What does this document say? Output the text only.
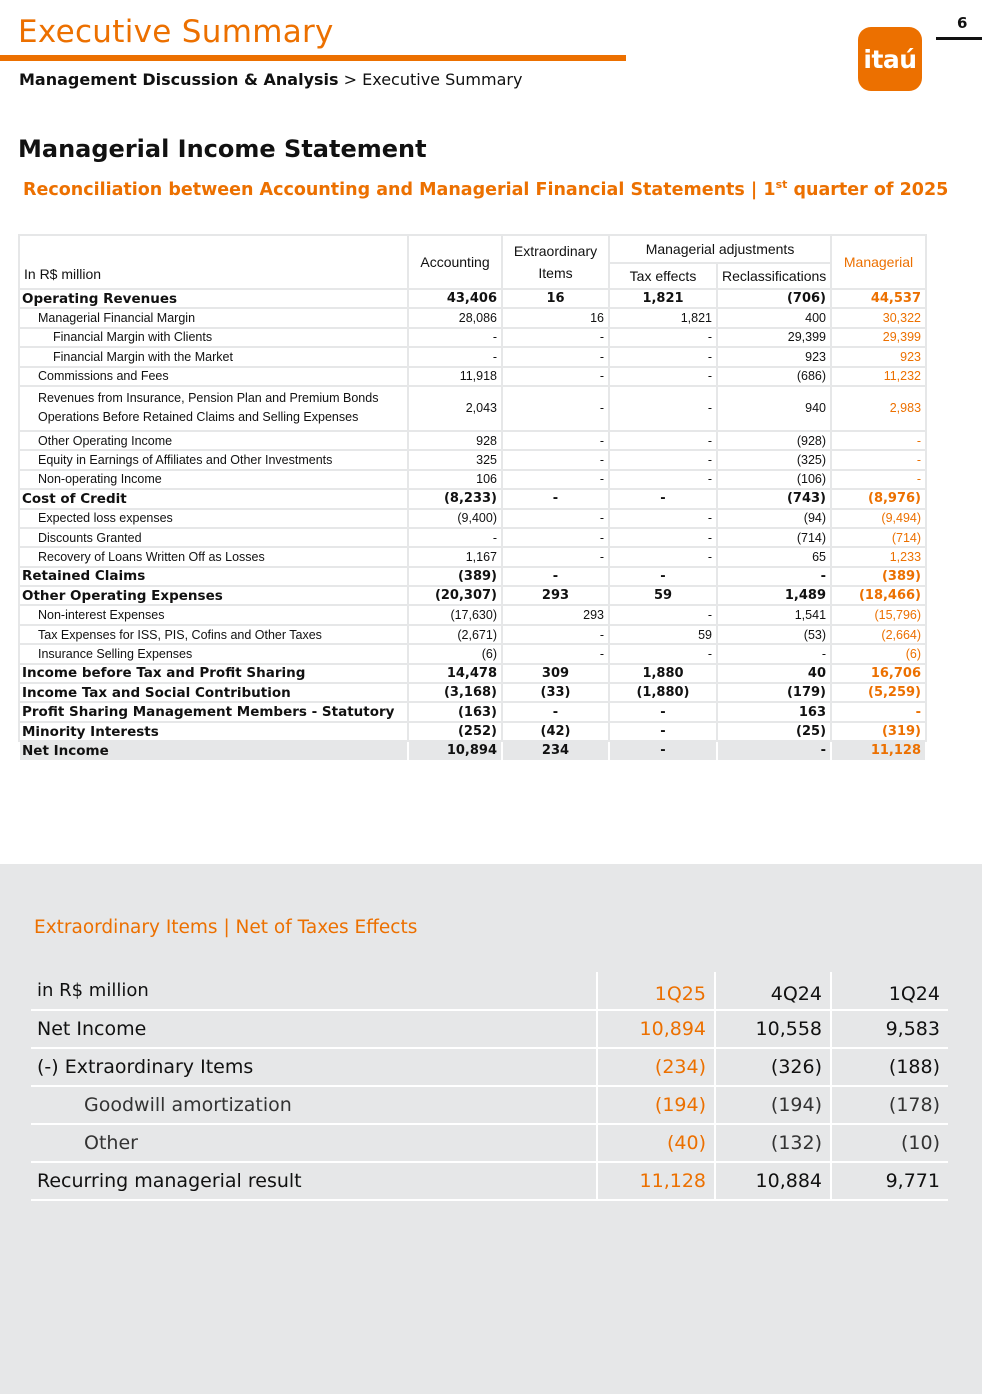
Executive Summary
Management Discussion & Analysis > Executive Summary
6
itaú
Managerial Income Statement
Reconciliation between Accounting and Managerial Financial Statements | 1st quarter of 2025
In R$ million	Accounting	Extraordinary Items	Managerial adjustments		Managerial
			Tax effects	Reclassifications	
Operating Revenues	43,406	16	1,821	(706)	44,537
Managerial Financial Margin	28,086	16	1,821	400	30,322
Financial Margin with Clients	-	-	-	29,399	29,399
Financial Margin with the Market	-	-	-	923	923
Commissions and Fees	11,918	-	-	(686)	11,232

Revenues from Insurance, Pension Plan and Premium Bonds
Operations Before Retained Claims and Selling Expenses	2,043	-	-	940	2,983
Other Operating Income	928	-	-	(928)	-
Equity in Earnings of Affiliates and Other Investments	325	-	-	(325)	-
Non-operating Income	106	-	-	(106)	-
Cost of Credit	(8,233)	-	-	(743)	(8,976)
Expected loss expenses	(9,400)	-	-	(94)	(9,494)
Discounts Granted	-	-	-	(714)	(714)
Recovery of Loans Written Off as Losses	1,167	-	-	65	1,233
Retained Claims	(389)	-	-	-	(389)
Other Operating Expenses	(20,307)	293	59	1,489	(18,466)
Non-interest Expenses	(17,630)	293	-	1,541	(15,796)
Tax Expenses for ISS, PIS, Cofins and Other Taxes	(2,671)	-	59	(53)	(2,664)
Insurance Selling Expenses	(6)	-	-	-	(6)
Income before Tax and Profit Sharing	14,478	309	1,880	40	16,706
Income Tax and Social Contribution	(3,168)	(33)	(1,880)	(179)	(5,259)
Profit Sharing Management Members - Statutory	(163)	-	-	163	-
Minority Interests	(252)	(42)	-	(25)	(319)
Net Income	10,894	234	-	-	11,128
Extraordinary Items | Net of Taxes Effects
in R$ million	1Q25	4Q24	1Q24
Net Income	10,894	10,558	9,583
(-) Extraordinary Items	(234)	(326)	(188)
Goodwill amortization	(194)	(194)	(178)
Other	(40)	(132)	(10)
Recurring managerial result	11,128	10,884	9,771
